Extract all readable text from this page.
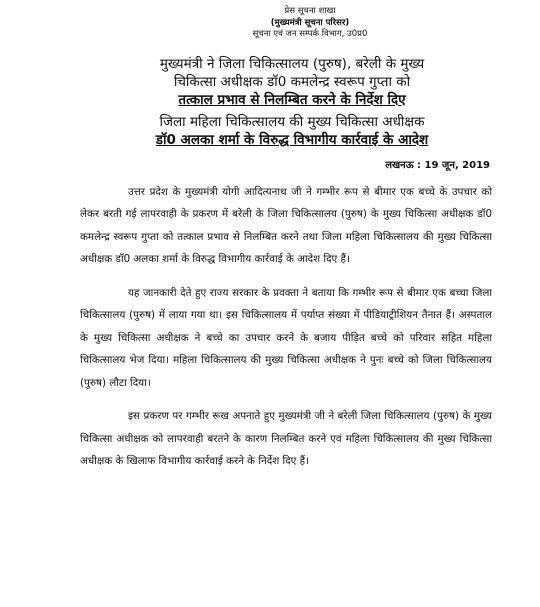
प्रेस सूचना शाखा
(मुख्यमंत्री सूचना परिसर)
सूचना एवं जन सम्पर्क विभाग, उ0प्र0
मुख्यमंत्री ने जिला चिकित्सालय (पुरुष), बरेली के मुख्य
चिकित्सा अधीक्षक डॉ0 कमलेन्द्र स्वरूप गुप्ता को
तत्काल प्रभाव से निलम्बित करने के निर्देश दिए
जिला महिला चिकित्सालय की मुख्य चिकित्सा अधीक्षक
डॉ0 अलका शर्मा के विरुद्ध विभागीय कार्रवाई के आदेश
लखनऊ : 19 जून, 2019

उत्तर प्रदेश के मुख्यमंत्री योगी आदित्यनाथ जी ने गम्भीर रूप से बीमार एक बच्चे के उपचार को लेकर बरती गई लापरवाही के प्रकरण में बरेली के जिला चिकित्सालय (पुरुष) के मुख्य चिकित्सा अधीक्षक डॉ0 कमलेन्द्र स्वरूप गुप्ता को तत्काल प्रभाव से निलम्बित करने तथा जिला महिला चिकित्सालय की मुख्य चिकित्सा अधीक्षक डॉ0 अलका शर्मा के विरुद्ध विभागीय कार्रवाई के आदेश दिए हैं।

यह जानकारी देते हुए राज्य सरकार के प्रवक्ता ने बताया कि गम्भीर रूप से बीमार एक बच्चा जिला चिकित्सालय (पुरुष) में लाया गया था। इस चिकित्सालय में पर्याप्त संख्या में पीडियाट्रीशियन तैनात हैं। अस्पताल के मुख्य चिकित्सा अधीक्षक ने बच्चे का उपचार करने के बजाय पीड़ित बच्चे को परिवार सहित महिला चिकित्सालय भेज दिया। महिला चिकित्सालय की मुख्य चिकित्सा अधीक्षक ने पुनः बच्चे को जिला चिकित्सालय (पुरुष) लौटा दिया।

इस प्रकरण पर गम्भीर रूख अपनाते हुए मुख्यमंत्री जी ने बरेली जिला चिकित्सालय (पुरुष) के मुख्य चिकित्सा अधीक्षक को लापरवाही बरतने के कारण निलम्बित करने एवं महिला चिकित्सालय की मुख्य चिकित्सा अधीक्षक के खिलाफ विभागीय कार्रवाई करने के निर्देश दिए हैं।
